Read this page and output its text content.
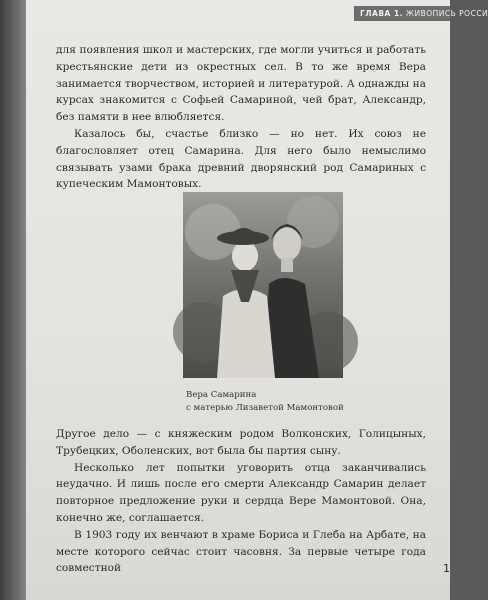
ГЛАВА 1. ЖИВОПИСЬ РОССИ

для появления школ и мастерских, где могли учиться и работать крестьянские дети из окрестных сел. В то же время Вера занимается творчеством, историей и литературой. А однажды на курсах знакомится с Софьей Самариной, чей брат, Александр, без памяти в нее влюбляется.

Казалось бы, счастье близко — но нет. Их союз не благословляет отец Самарина. Для него было немыслимо связывать узами брака древний дворянский род Самариных с купеческим Мамонтовых.

Вера Самарина
с матерью Лизаветой Мамонтовой

Другое дело — с княжеским родом Волконских, Голицыных, Трубецких, Оболенских, вот была бы партия сыну.

Несколько лет попытки уговорить отца заканчивались неудачно. И лишь после его смерти Александр Самарин делает повторное предложение руки и сердца Вере Мамонтовой. Она, конечно же, соглашается.

В 1903 году их венчают в храме Бориса и Глеба на Арбате, на месте которого сейчас стоит часовня. За первые четыре года совместной	1
